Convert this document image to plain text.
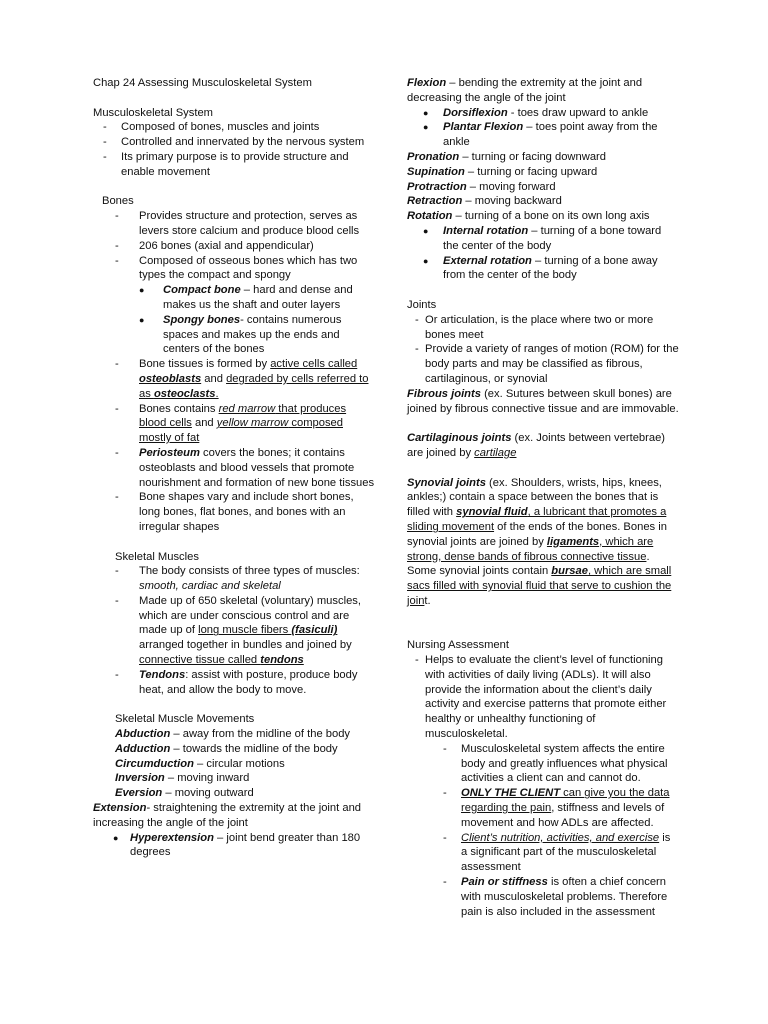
Chap 24 Assessing Musculoskeletal System

Musculoskeletal System

- Composed of bones, muscles and joints
- Controlled and innervated by the nervous system
- Its primary purpose is to provide structure and enable movement

Bones

- Provides structure and protection, serves as levers store calcium and produce blood cells
- 206 bones (axial and appendicular)
- Composed of osseous bones which has two types the compact and spongy
● Compact bone – hard and dense and makes us the shaft and outer layers
● Spongy bones- contains numerous spaces and makes up the ends and centers of the bones
- Bone tissues is formed by active cells called osteoblasts and degraded by cells referred to as osteoclasts.
- Bones contains red marrow that produces blood cells and yellow marrow composed mostly of fat
- Periosteum covers the bones; it contains osteoblasts and blood vessels that promote nourishment and formation of new bone tissues
- Bone shapes vary and include short bones, long bones, flat bones, and bones with an irregular shapes

Skeletal Muscles

- The body consists of three types of muscles: smooth, cardiac and skeletal
- Made up of 650 skeletal (voluntary) muscles, which are under conscious control and are made up of long muscle fibers (fasiculi) arranged together in bundles and joined by connective tissue called tendons
- Tendons: assist with posture, produce body heat, and allow the body to move.

Skeletal Muscle Movements

Abduction – away from the midline of the body

Adduction – towards the midline of the body

Circumduction – circular motions

Inversion – moving inward

Eversion – moving outward

Extension- straightening the extremity at the joint and increasing the angle of the joint

● Hyperextension – joint bend greater than 180 degrees

Flexion – bending the extremity at the joint and decreasing the angle of the joint

● Dorsiflexion - toes draw upward to ankle
● Plantar Flexion – toes point away from the ankle

Pronation – turning or facing downward

Supination – turning or facing upward

Protraction – moving forward

Retraction – moving backward

Rotation – turning of a bone on its own long axis

● Internal rotation – turning of a bone toward the center of the body
● External rotation – turning of a bone away from the center of the body

Joints

- Or articulation, is the place where two or more bones meet
- Provide a variety of ranges of motion (ROM) for the body parts and may be classified as fibrous, cartilaginous, or synovial

Fibrous joints (ex. Sutures between skull bones) are joined by fibrous connective tissue and are immovable.

Cartilaginous joints (ex. Joints between vertebrae) are joined by cartilage

Synovial joints (ex. Shoulders, wrists, hips, knees, ankles;) contain a space between the bones that is filled with synovial fluid, a lubricant that promotes a sliding movement of the ends of the bones. Bones in synovial joints are joined by ligaments, which are strong, dense bands of fibrous connective tissue. Some synovial joints contain bursae, which are small sacs filled with synovial fluid that serve to cushion the joint.

Nursing Assessment

- Helps to evaluate the client’s level of functioning with activities of daily living (ADLs). It will also provide the information about the client’s daily activity and exercise patterns that promote either healthy or unhealthy functioning of musculoskeletal.
- Musculoskeletal system affects the entire body and greatly influences what physical activities a client can and cannot do.
- ONLY THE CLIENT can give you the data regarding the pain, stiffness and levels of movement and how ADLs are affected.
- Client’s nutrition, activities, and exercise is a significant part of the musculoskeletal assessment
- Pain or stiffness is often a chief concern with musculoskeletal problems. Therefore pain is also included in the assessment
